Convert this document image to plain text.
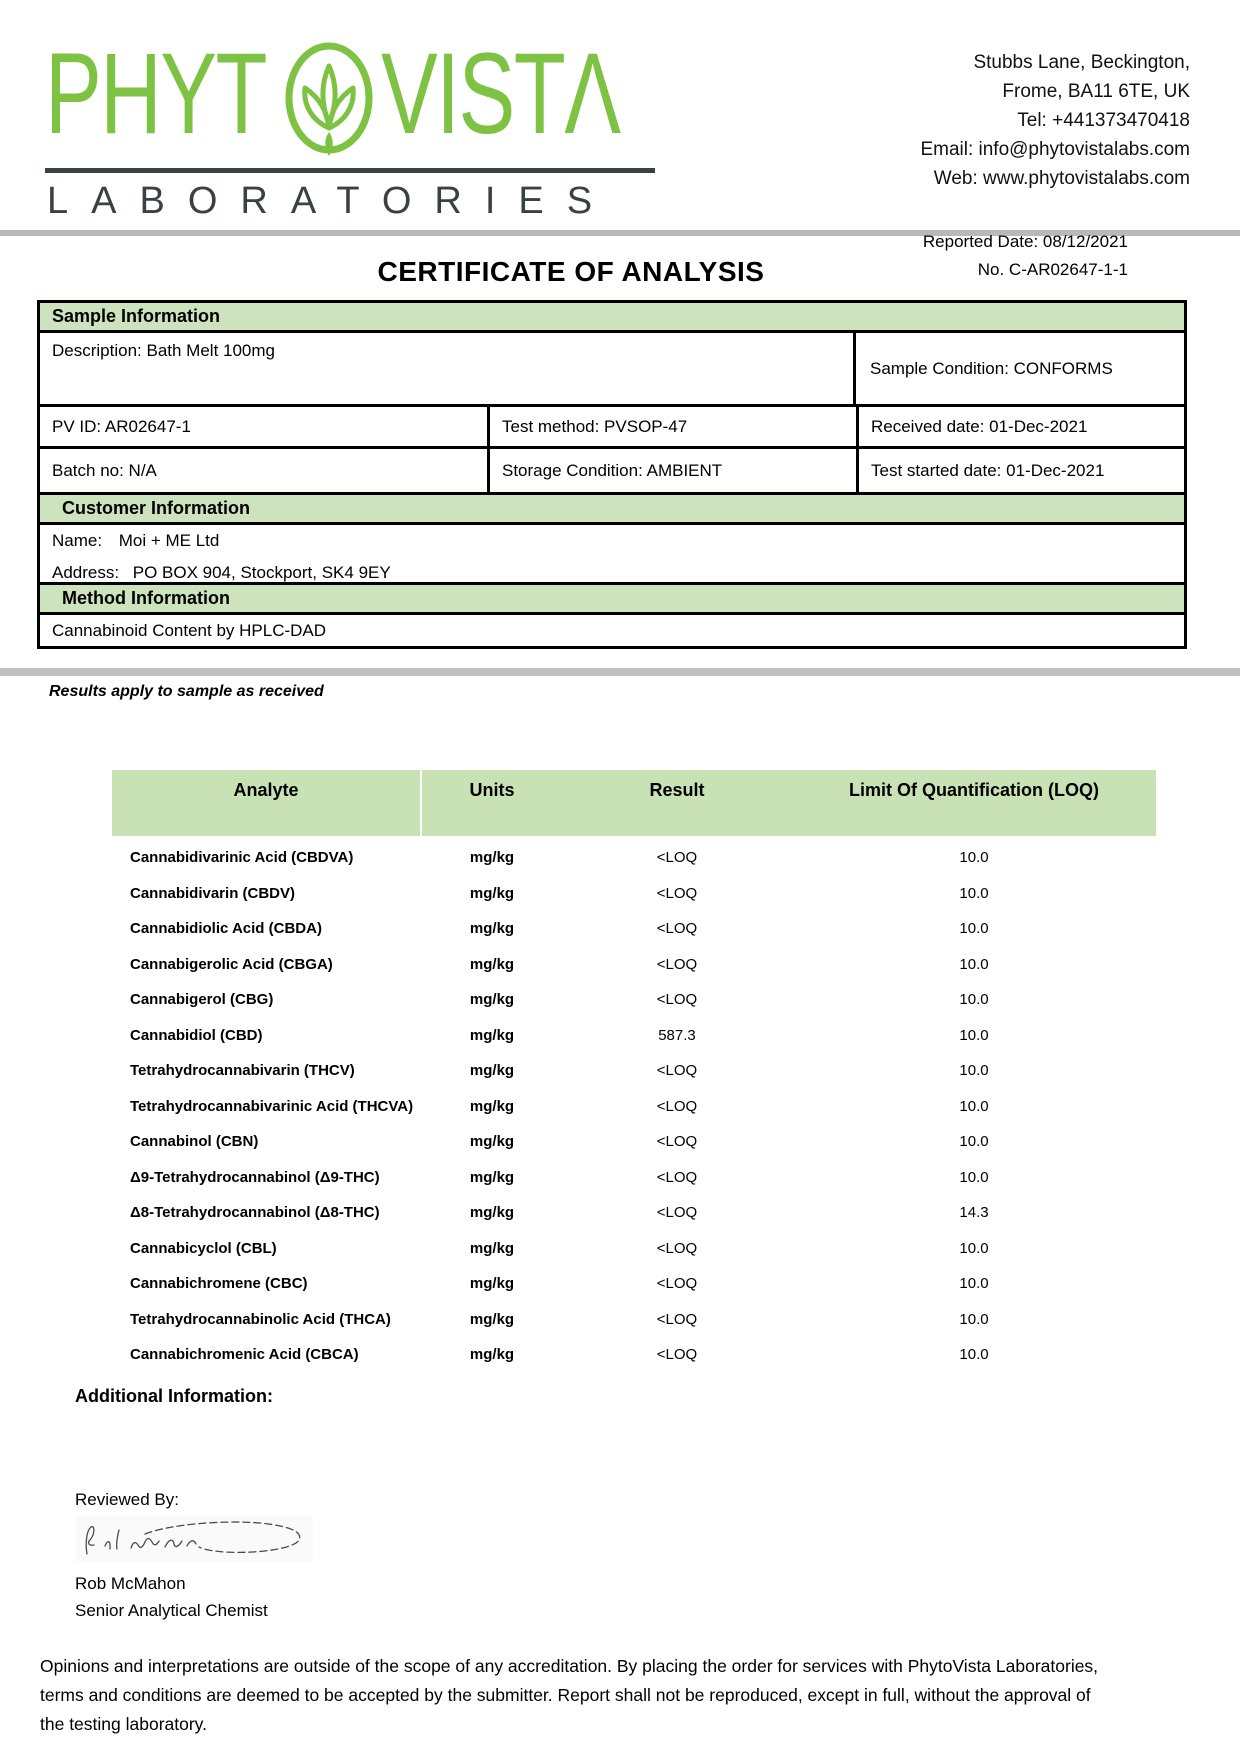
PHYT VISTΛ
LABORATORIES
Stubbs Lane, Beckington,
Frome, BA11 6TE, UK
Tel: +441373470418
Email: info@phytovistalabs.com
Web: www.phytovistalabs.com
Reported Date: 08/12/2021
No. C-AR02647-1-1
CERTIFICATE OF ANALYSIS
Sample Information
Description: Bath Melt 100mg
Sample Condition: CONFORMS
PV ID: AR02647-1	Test method: PVSOP-47	Received date: 01-Dec-2021
Batch no: N/A	Storage Condition: AMBIENT	Test started date: 01-Dec-2021
Customer Information
Name: Moi + ME Ltd
Address: PO BOX 904, Stockport, SK4 9EY
Method Information
Cannabinoid Content by HPLC-DAD
Results apply to sample as received
Analyte	Units	Result	Limit Of Quantification (LOQ)
Cannabidivarinic Acid (CBDVA)	mg/kg	<LOQ	10.0
Cannabidivarin (CBDV)	mg/kg	<LOQ	10.0
Cannabidiolic Acid (CBDA)	mg/kg	<LOQ	10.0
Cannabigerolic Acid (CBGA)	mg/kg	<LOQ	10.0
Cannabigerol (CBG)	mg/kg	<LOQ	10.0
Cannabidiol (CBD)	mg/kg	587.3	10.0
Tetrahydrocannabivarin (THCV)	mg/kg	<LOQ	10.0
Tetrahydrocannabivarinic Acid (THCVA)	mg/kg	<LOQ	10.0
Cannabinol (CBN)	mg/kg	<LOQ	10.0
Δ9-Tetrahydrocannabinol (Δ9-THC)	mg/kg	<LOQ	10.0
Δ8-Tetrahydrocannabinol (Δ8-THC)	mg/kg	<LOQ	14.3
Cannabicyclol (CBL)	mg/kg	<LOQ	10.0
Cannabichromene (CBC)	mg/kg	<LOQ	10.0
Tetrahydrocannabinolic Acid (THCA)	mg/kg	<LOQ	10.0
Cannabichromenic Acid (CBCA)	mg/kg	<LOQ	10.0
Additional Information:
Reviewed By:
Rob McMahon
Senior Analytical Chemist
Opinions and interpretations are outside of the scope of any accreditation. By placing the order for services with PhytoVista Laboratories,
terms and conditions are deemed to be accepted by the submitter. Report shall not be reproduced, except in full, without the approval of
the testing laboratory.
